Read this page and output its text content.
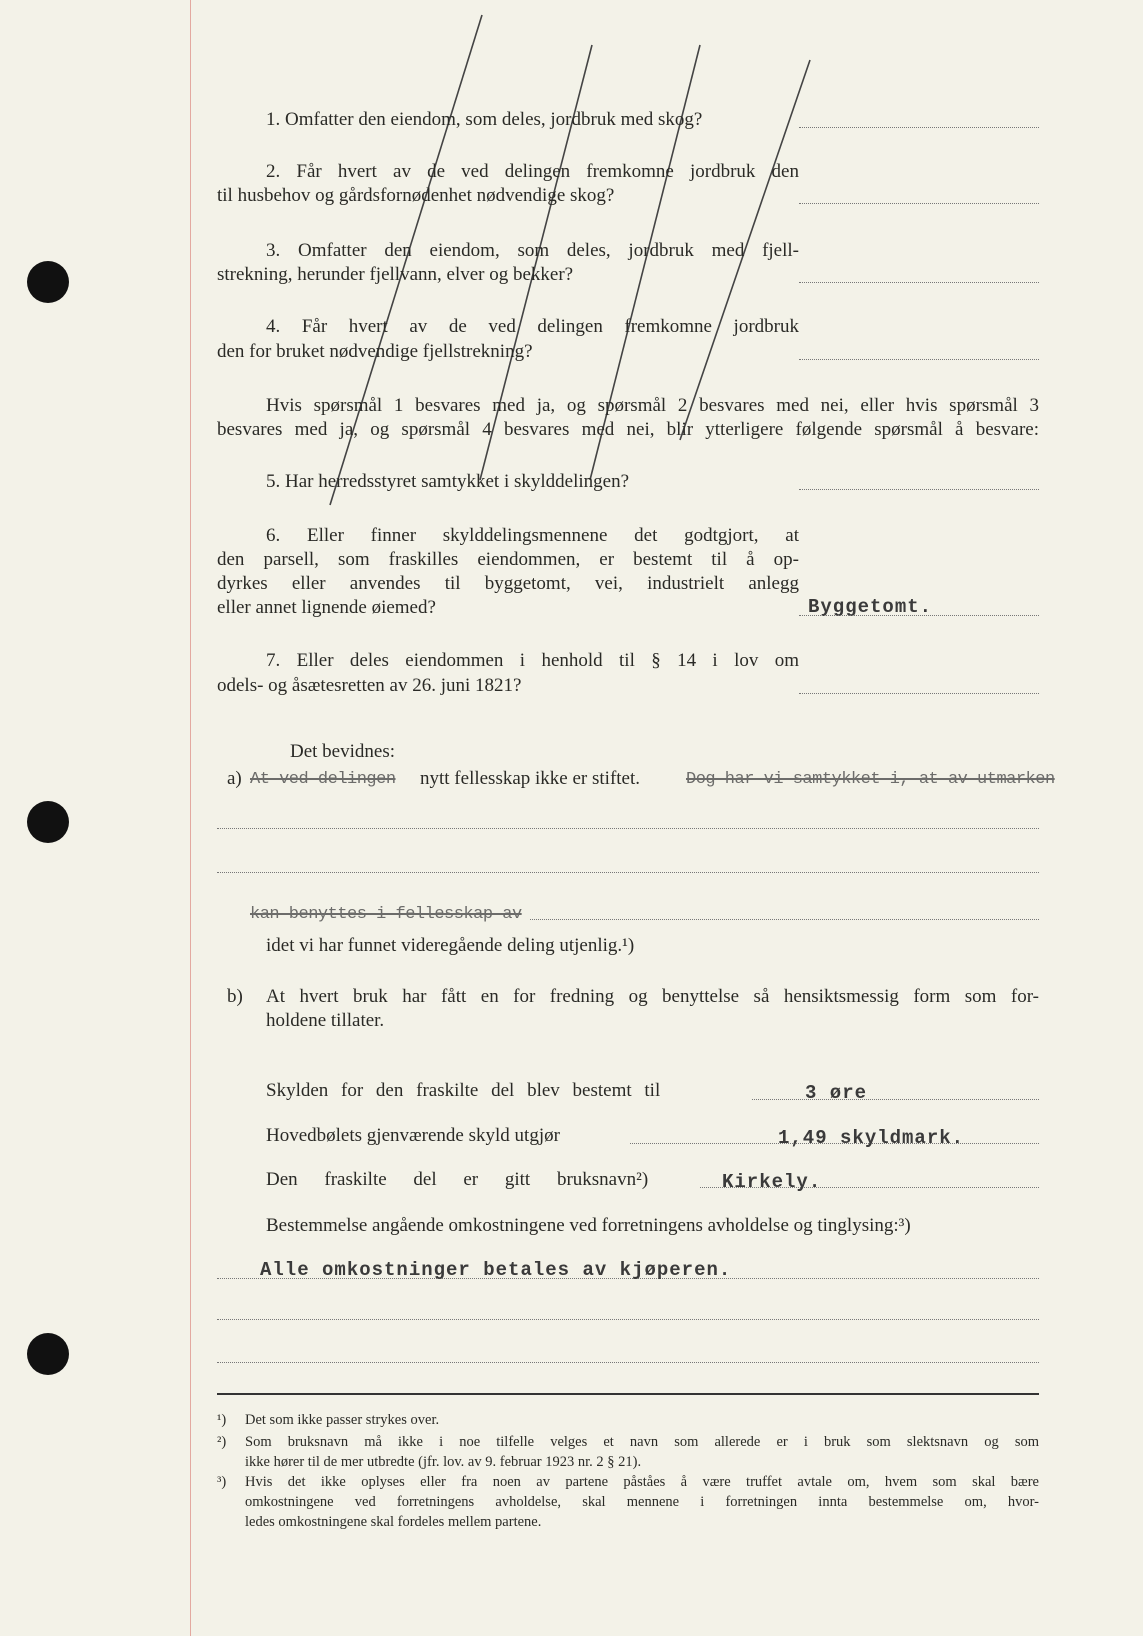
1. Omfatter den eiendom, som deles, jordbruk med skog?
2. Får hvert av de ved delingen fremkomne jordbruk den
til husbehov og gårdsfornødenhet nødvendige skog?
3. Omfatter den eiendom, som deles, jordbruk med fjell-
strekning, herunder fjellvann, elver og bekker?
4. Får hvert av de ved delingen fremkomne jordbruk
den for bruket nødvendige fjellstrekning?
Hvis spørsmål 1 besvares med ja, og spørsmål 2 besvares med nei, eller hvis spørsmål 3
besvares med ja, og spørsmål 4 besvares med nei, blir ytterligere følgende spørsmål å besvare:
5. Har herredsstyret samtykket i skylddelingen?
6. Eller finner skylddelingsmennene det godtgjort, at
den parsell, som fraskilles eiendommen, er bestemt til å op-
dyrkes eller anvendes til byggetomt, vei, industrielt anlegg
eller annet lignende øiemed?	Byggetomt.
7. Eller deles eiendommen i henhold til § 14 i lov om
odels- og åsætesretten av 26. juni 1821?
Det bevidnes:
a) At ved delingen nytt fellesskap ikke er stiftet.	Dog har vi samtykket i, at av utmarken
kan benyttes i fellesskap av
idet vi har funnet videregående deling utjenlig.¹)
b) At hvert bruk har fått en for fredning og benyttelse så hensiktsmessig form som for-
holdene tillater.
Skylden for den fraskilte del blev bestemt til	3 øre
Hovedbølets gjenværende skyld utgjør	1,49 skyldmark.
Den fraskilte del er gitt bruksnavn²)	Kirkely.
Bestemmelse angående omkostningene ved forretningens avholdelse og tinglysing:³)
Alle omkostninger betales av kjøperen.
¹) Det som ikke passer strykes over.
²) Som bruksnavn må ikke i noe tilfelle velges et navn som allerede er i bruk som slektsnavn og som
ikke hører til de mer utbredte (jfr. lov. av 9. februar 1923 nr. 2 § 21).
³) Hvis det ikke oplyses eller fra noen av partene påståes å være truffet avtale om, hvem som skal bære
omkostningene ved forretningens avholdelse, skal mennene i forretningen innta bestemmelse om, hvor-
ledes omkostningene skal fordeles mellem partene.
